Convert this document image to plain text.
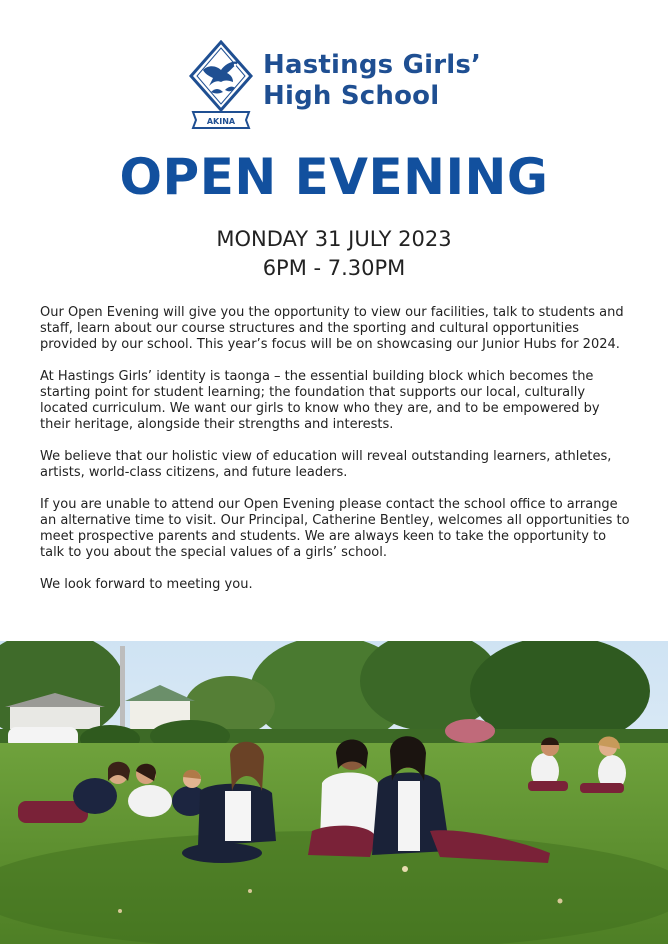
AKINA
Hastings Girls’
High School
OPEN EVENING
MONDAY 31 JULY 2023
6PM - 7.30PM

Our Open Evening will give you the opportunity to view our facilities, talk to students and staff, learn about our course structures and the sporting and cultural opportunities provided by our school. This year’s focus will be on showcasing our Junior Hubs for 2024.

At Hastings Girls’ identity is taonga – the essential building block which becomes the starting point for student learning; the foundation that supports our local, culturally located curriculum. We want our girls to know who they are, and to be empowered by their heritage, alongside their strengths and interests.

We believe that our holistic view of education will reveal outstanding learners, athletes, artists, world-class citizens, and future leaders.

If you are unable to attend our Open Evening please contact the school office to arrange an alternative time to visit. Our Principal, Catherine Bentley, welcomes all opportunities to meet prospective parents and students. We are always keen to take the opportunity to talk to you about the special values of a girls’ school.

We look forward to meeting you.
